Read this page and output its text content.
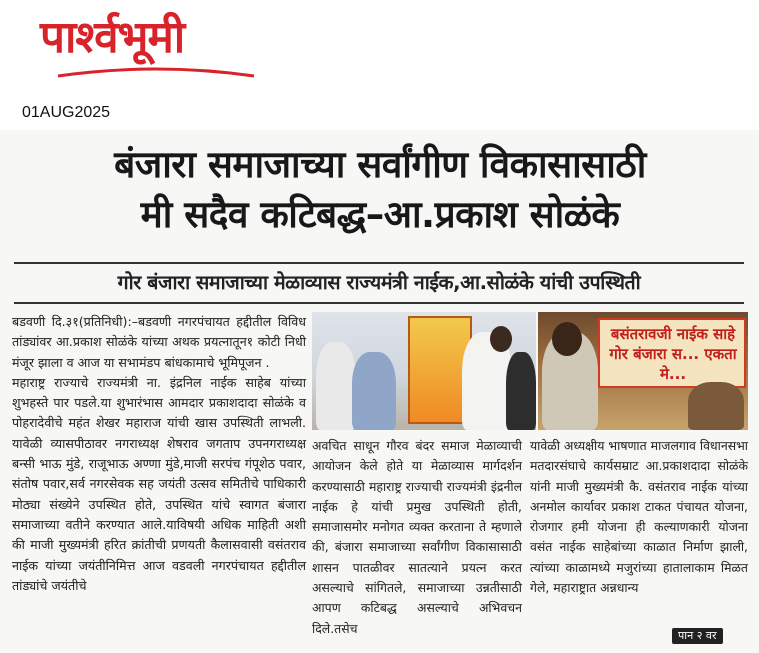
पार्श्वभूमी
01AUG2025
बंजारा समाजाच्या सर्वांगीण विकासासाठी
मी सदैव कटिबद्ध–आ.प्रकाश सोळंके
गोर बंजारा समाजाच्या मेळाव्यास राज्यमंत्री नाईक,आ.सोळंके यांची उपस्थिती

बडवणी दि.३१(प्रतिनिधी):–बडवणी नगरपंचायत हद्दीतील विविध तांड्यांवर आ.प्रकाश सोळंके यांच्या अथक प्रयत्नातून१ कोटी निधी मंजूर झाला व आज या सभामंडप बांधकामाचे भूमिपूजन .

महाराष्ट्र राज्याचे राज्यमंत्री ना. इंद्रनिल नाईक साहेब यांच्या शुभहस्ते पार पडले.या शुभारंभास आमदार प्रकाशदादा सोळंके व पोहरादेवीचे महंत शेखर महाराज यांची खास उपस्थिती लाभली. यावेळी व्यासपीठावर नगराध्यक्ष शेषराव जगताप उपनगराध्यक्ष बन्सी भाऊ मुंडे, राजूभाऊ अण्णा मुंडे,माजी सरपंच गंपूशेठ पवार, संतोष पवार,सर्व नगरसेवक सह जयंती उत्सव समितीचे पाधिकारी मोठ्या संख्येने उपस्थित होते, उपस्थित यांचे स्वागत बंजारा समाजाच्या वतीने करण्यात आले.याविषयी अधिक माहिती अशी की माजी मुख्यमंत्री हरित क्रांतीची प्रणयती कैलासवासी वसंतराव नाईक यांच्या जयंतीनिमित्त आज वडवली नगरपंचायत हद्दीतील तांड्यांचे जयंतीचे

बसंतरावजी नाईक साहे गोर बंजारा स... एकता मे...
अवचित साधून गौरव बंदर समाज मेळाव्याची आयोजन केले होते या मेळाव्यास मार्गदर्शन करण्यासाठी महाराष्ट्र राज्याची राज्यमंत्री इंद्रनील नाईक हे यांची प्रमुख उपस्थिती होती, समाजासमोर मनोगत व्यक्त करताना ते म्हणाले की, बंजारा समाजाच्या सर्वांगीण विकासासाठी शासन पातळीवर सातत्याने प्रयत्न करत असल्याचे सांगितले, समाजाच्या उन्नतीसाठी आपण कटिबद्ध असल्याचे अभिवचन दिले.तसेच
यावेळी अध्यक्षीय भाषणात माजलगाव विधानसभा मतदारसंघाचे कार्यसम्राट आ.प्रकाशदादा सोळंके यांनी माजी मुख्यमंत्री कै. वसंतराव नाईक यांच्या अनमोल कार्यावर प्रकाश टाकत पंचायत योजना, रोजगार हमी योजना ही कल्याणकारी योजना वसंत नाईक साहेबांच्या काळात निर्माण झाली, त्यांच्या काळामध्ये मजुरांच्या हातालाकाम मिळत गेले, महाराष्ट्रात अन्नधान्य
पान २ वर
